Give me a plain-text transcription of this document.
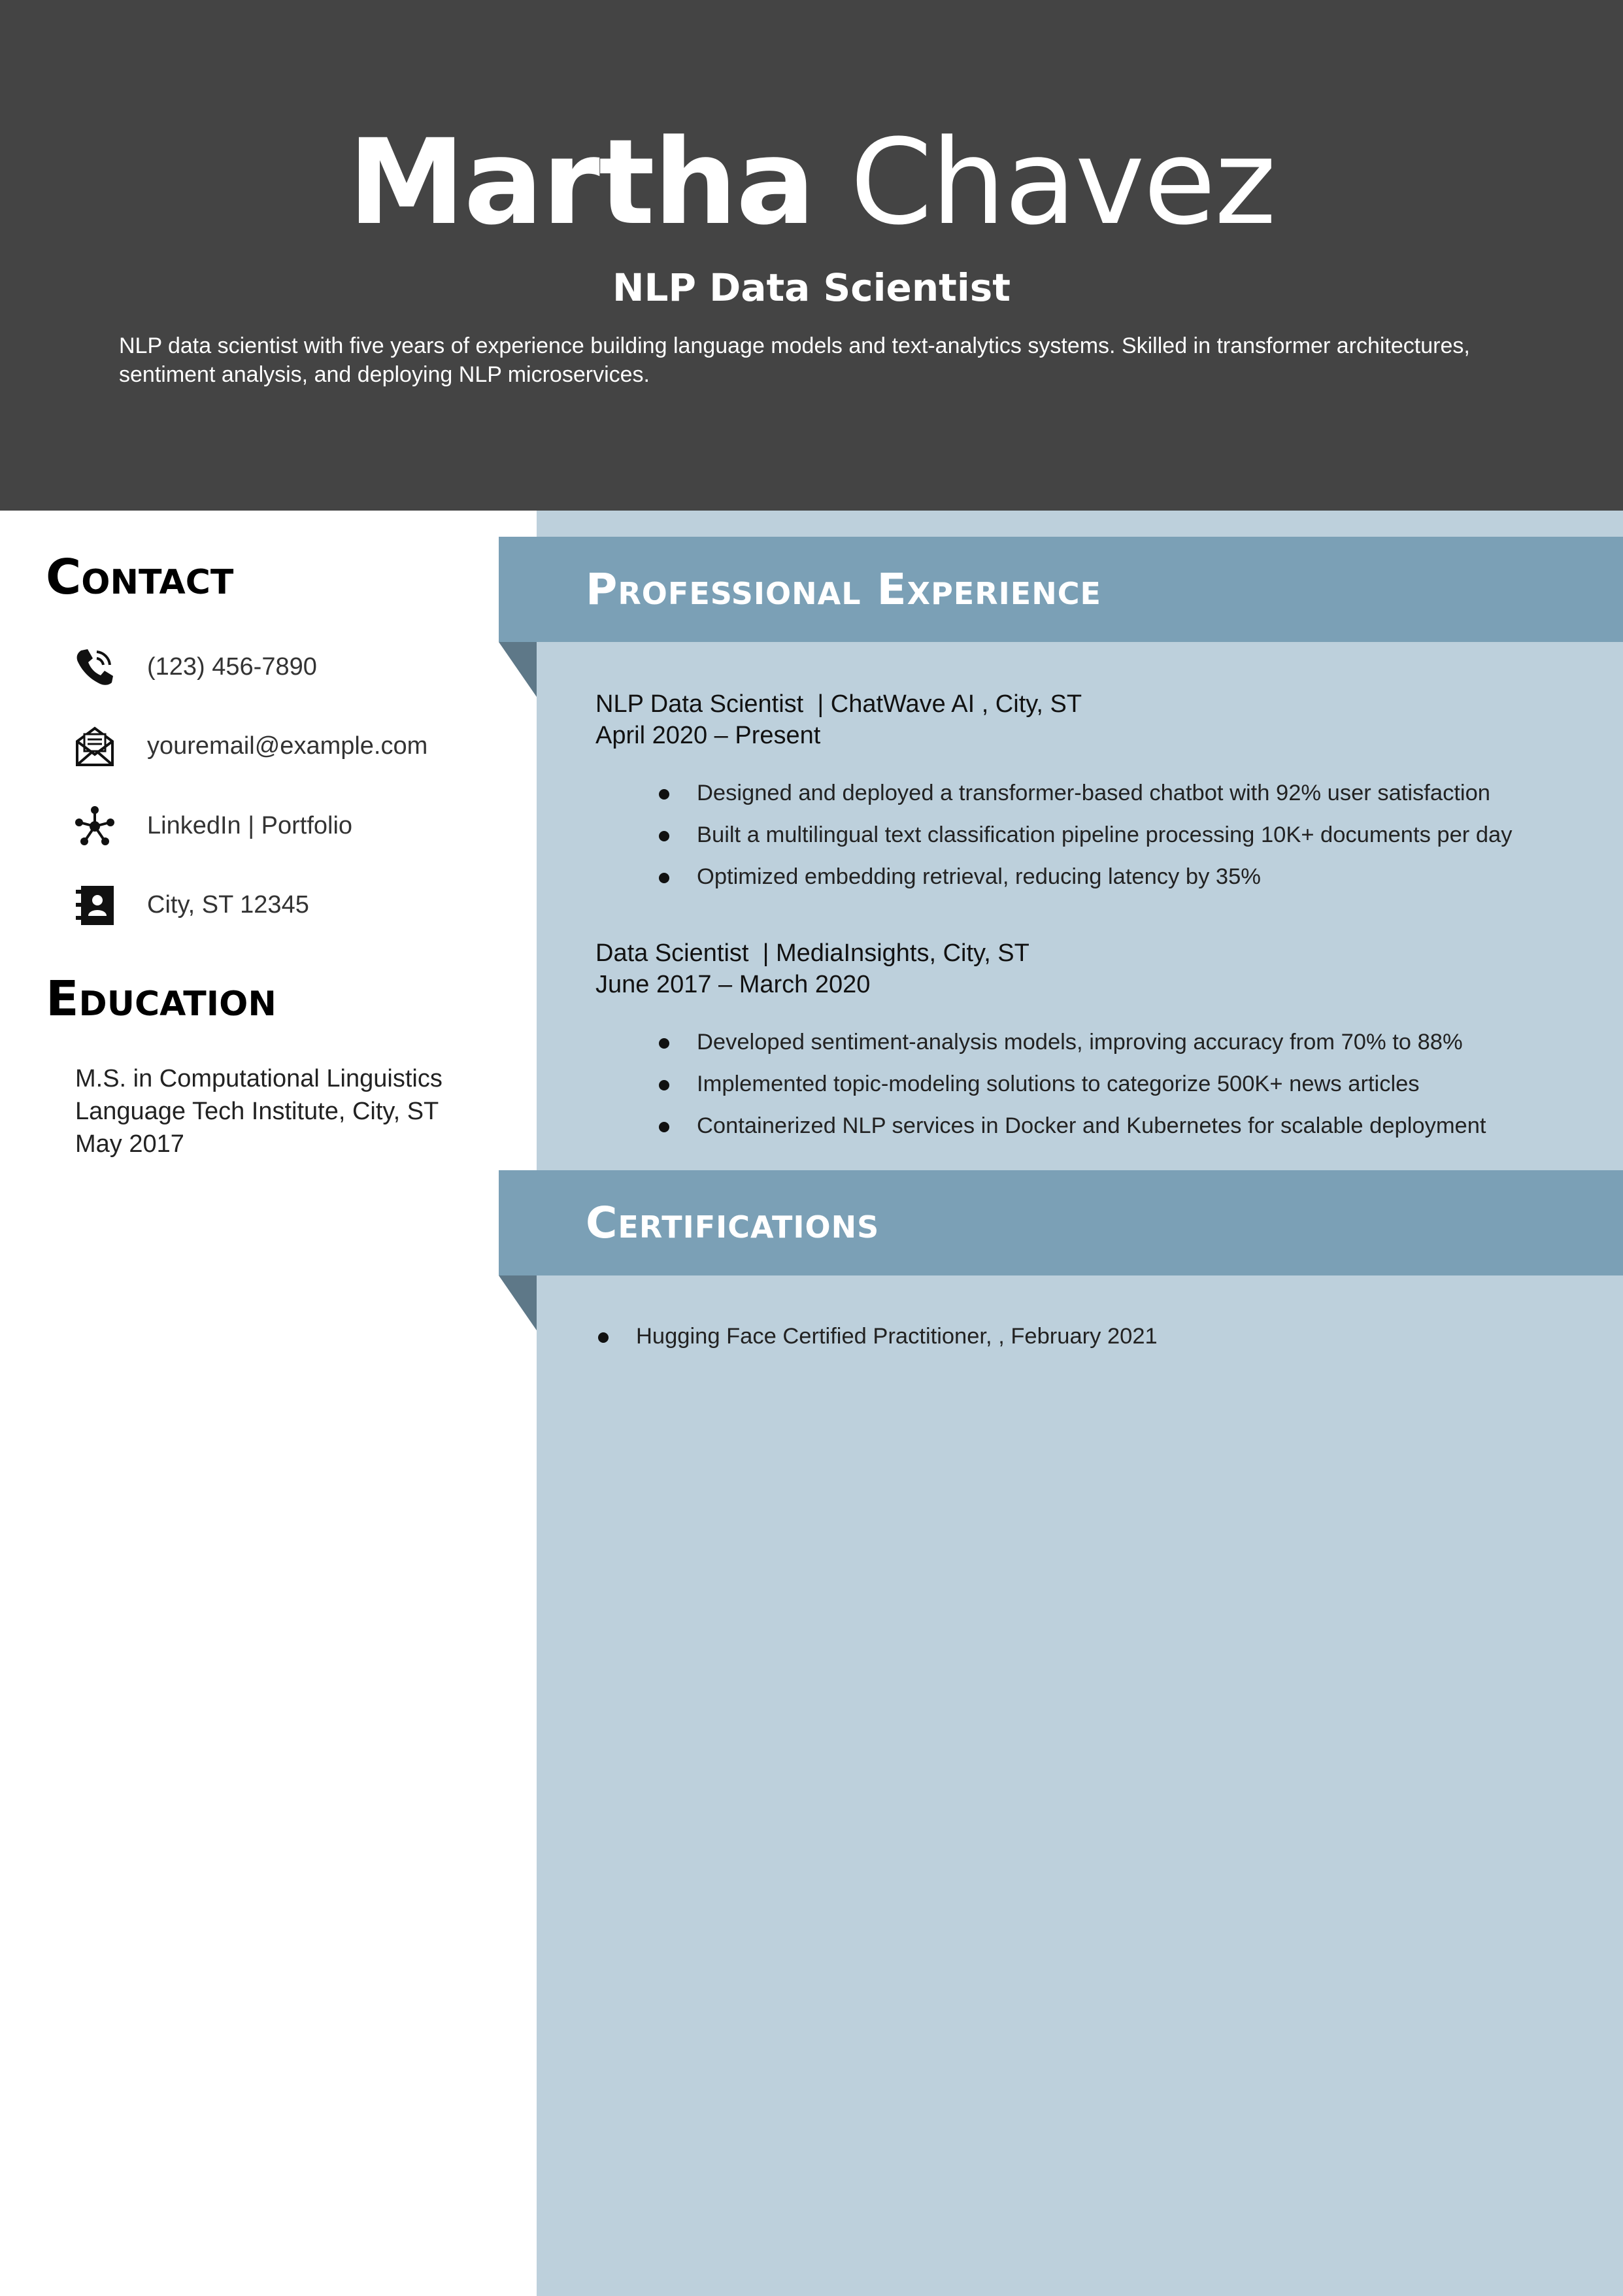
Martha Chavez
NLP Data Scientist
NLP data scientist with five years of experience building language models and text-analytics systems. Skilled in transformer architectures, sentiment analysis, and deploying NLP microservices.
Contact
(123) 456-7890
youremail@example.com
LinkedIn | Portfolio
City, ST 12345
Education
M.S. in Computational Linguistics
Language Tech Institute, City, ST
May 2017
Professional Experience
NLP Data Scientist  | ChatWave AI , City, ST
April 2020 – Present
Designed and deployed a transformer-based chatbot with 92% user satisfaction
Built a multilingual text classification pipeline processing 10K+ documents per day
Optimized embedding retrieval, reducing latency by 35%
Data Scientist  | MediaInsights, City, ST
June 2017 – March 2020
Developed sentiment-analysis models, improving accuracy from 70% to 88%
Implemented topic-modeling solutions to categorize 500K+ news articles
Containerized NLP services in Docker and Kubernetes for scalable deployment
Certifications
Hugging Face Certified Practitioner, , February 2021
